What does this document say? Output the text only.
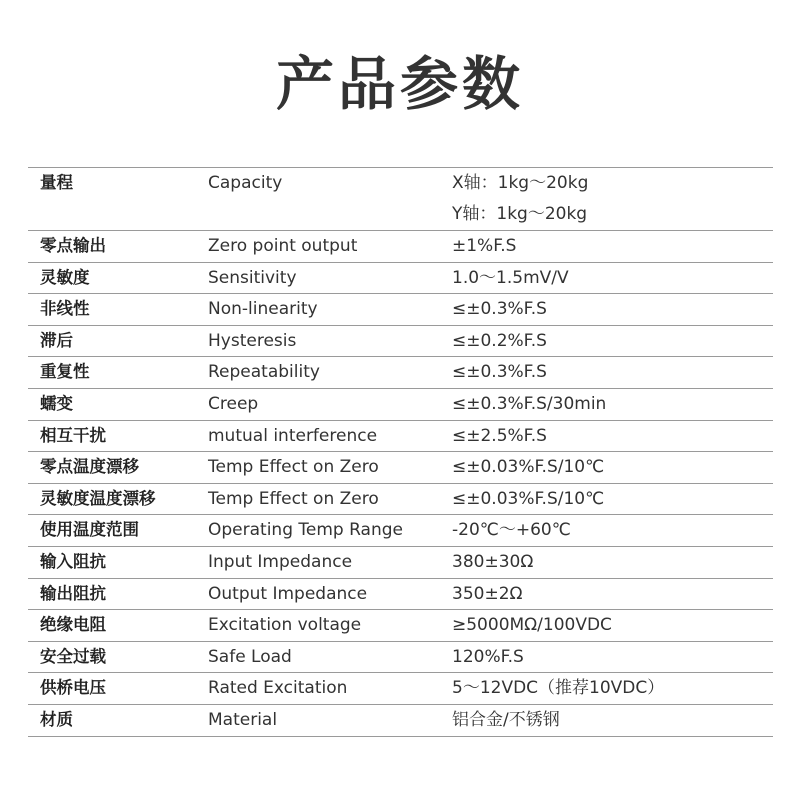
产品参数
量程	Capacity	X轴：1kg～20kg
Y轴：1kg～20kg
零点输出	Zero point output	±1%F.S
灵敏度	Sensitivity	1.0～1.5mV/V
非线性	Non-linearity	≤±0.3%F.S
滞后	Hysteresis	≤±0.2%F.S
重复性	Repeatability	≤±0.3%F.S
蠕变	Creep	≤±0.3%F.S/30min
相互干扰	mutual interference	≤±2.5%F.S
零点温度漂移	Temp Effect on Zero	≤±0.03%F.S/10℃
灵敏度温度漂移	Temp Effect on Zero	≤±0.03%F.S/10℃
使用温度范围	Operating Temp Range	-20℃～+60℃
输入阻抗	Input Impedance	380±30Ω
输出阻抗	Output Impedance	350±2Ω
绝缘电阻	Excitation voltage	≥5000MΩ/100VDC
安全过载	Safe Load	120%F.S
供桥电压	Rated Excitation	5～12VDC（推荐10VDC）
材质	Material	铝合金/不锈钢
